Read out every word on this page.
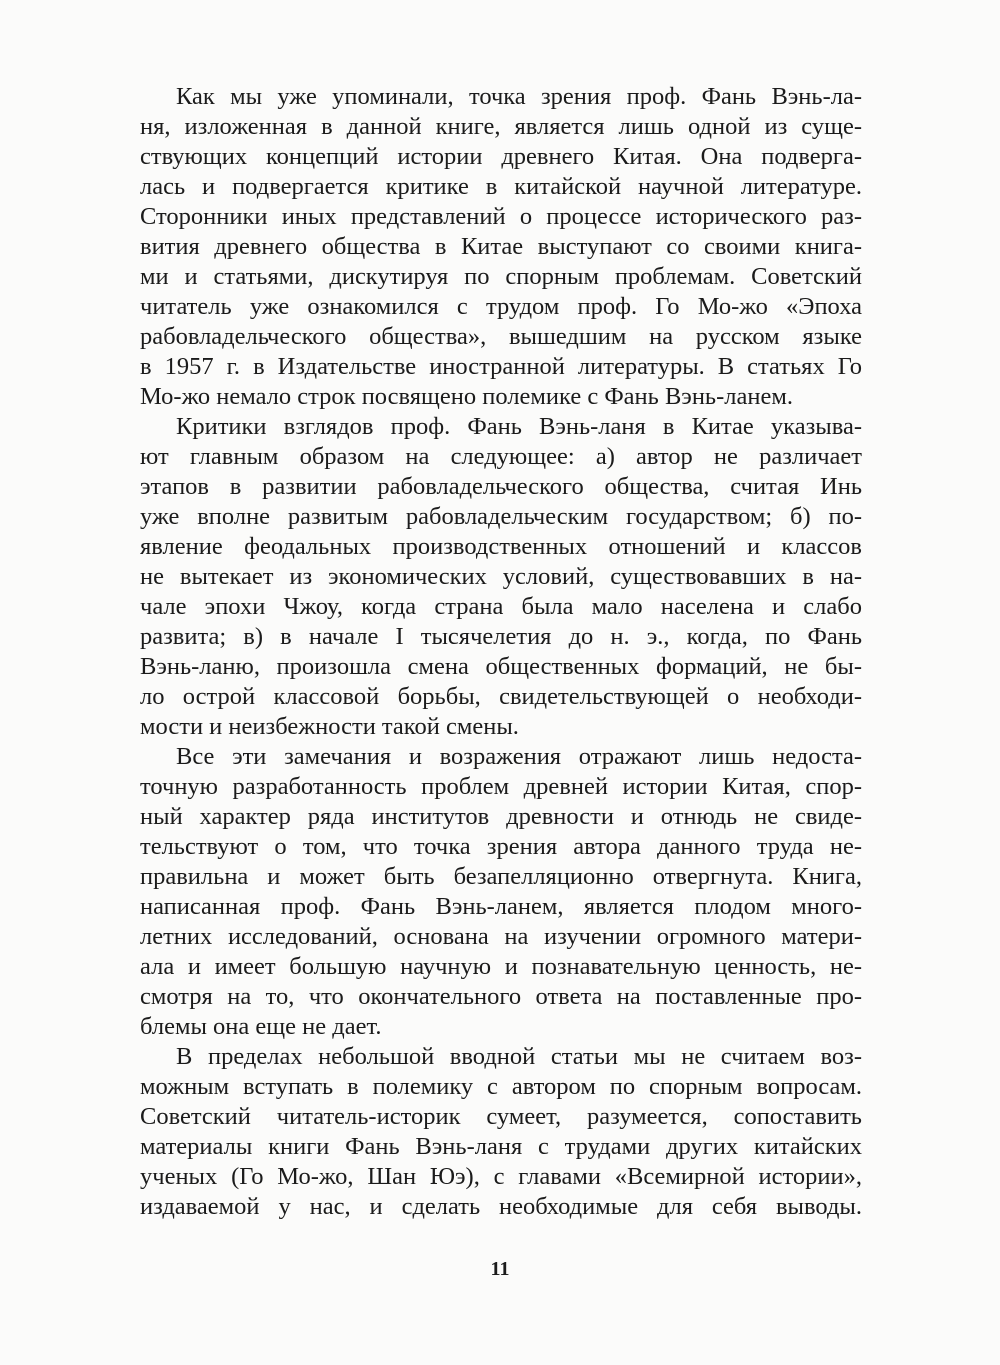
Как мы уже упоминали, точка зрения проф. Фань Вэнь-ла-
ня, изложенная в данной книге, является лишь одной из суще-
ствующих концепций истории древнего Китая. Она подверга-
лась и подвергается критике в китайской научной литературе.
Сторонники иных представлений о процессе исторического раз-
вития древнего общества в Китае выступают со своими книга-
ми и статьями, дискутируя по спорным проблемам. Советский
читатель уже ознакомился с трудом проф. Го Мо-жо «Эпоха
рабовладельческого общества», вышедшим на русском языке
в 1957 г. в Издательстве иностранной литературы. В статьях Го
Мо-жо немало строк посвящено полемике с Фань Вэнь-ланем.
Критики взглядов проф. Фань Вэнь-ланя в Китае указыва-
ют главным образом на следующее: а) автор не различает
этапов в развитии рабовладельческого общества, считая Инь
уже вполне развитым рабовладельческим государством; б) по-
явление феодальных производственных отношений и классов
не вытекает из экономических условий, существовавших в на-
чале эпохи Чжоу, когда страна была мало населена и слабо
развита; в) в начале I тысячелетия до н. э., когда, по Фань
Вэнь-ланю, произошла смена общественных формаций, не бы-
ло острой классовой борьбы, свидетельствующей о необходи-
мости и неизбежности такой смены.
Все эти замечания и возражения отражают лишь недоста-
точную разработанность проблем древней истории Китая, спор-
ный характер ряда институтов древности и отнюдь не свиде-
тельствуют о том, что точка зрения автора данного труда не-
правильна и может быть безапелляционно отвергнута. Книга,
написанная проф. Фань Вэнь-ланем, является плодом много-
летних исследований, основана на изучении огромного матери-
ала и имеет большую научную и познавательную ценность, не-
смотря на то, что окончательного ответа на поставленные про-
блемы она еще не дает.
В пределах небольшой вводной статьи мы не считаем воз-
можным вступать в полемику с автором по спорным вопросам.
Советский читатель-историк сумеет, разумеется, сопоставить
материалы книги Фань Вэнь-ланя с трудами других китайских
ученых (Го Мо-жо, Шан Юэ), с главами «Всемирной истории»,
издаваемой у нас, и сделать необходимые для себя выводы.
11
